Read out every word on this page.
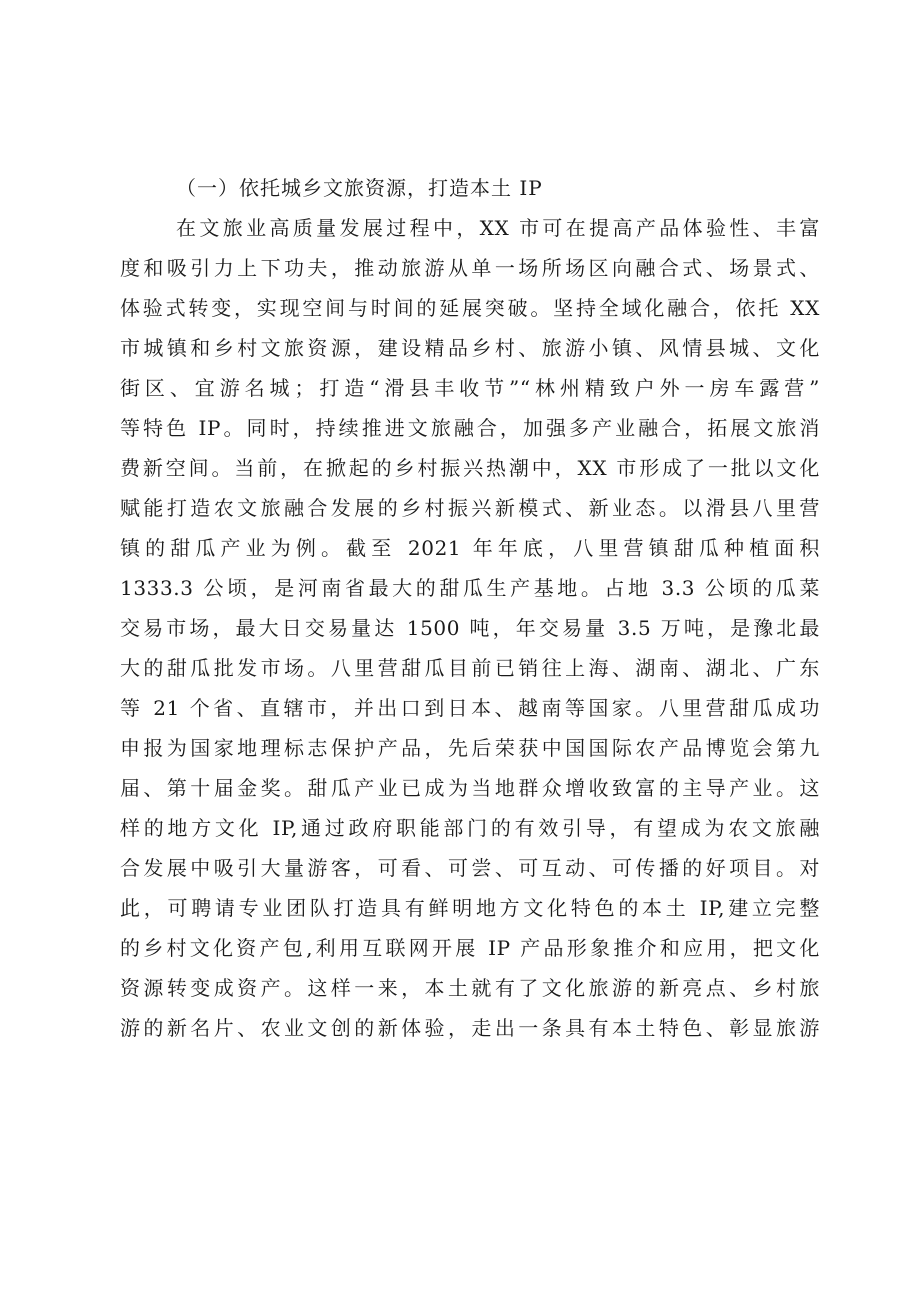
（一）依托城乡文旅资源，打造本土 IP

在文旅业高质量发展过程中，XX 市可在提高产品体验性、丰富

度和吸引力上下功夫，推动旅游从单一场所场区向融合式、场景式、

体验式转变，实现空间与时间的延展突破。坚持全域化融合，依托 XX

市城镇和乡村文旅资源，建设精品乡村、旅游小镇、风情县城、文化

街区、宜游名城；打造“滑县丰收节”“林州精致户外一房车露营”

等特色 IP。同时，持续推进文旅融合，加强多产业融合，拓展文旅消

费新空间。当前，在掀起的乡村振兴热潮中，XX 市形成了一批以文化

赋能打造农文旅融合发展的乡村振兴新模式、新业态。以滑县八里营

镇的甜瓜产业为例。截至 2021 年年底，八里营镇甜瓜种植面积

1333.3 公顷，是河南省最大的甜瓜生产基地。占地 3.3 公顷的瓜菜

交易市场，最大日交易量达 1500 吨，年交易量 3.5 万吨，是豫北最

大的甜瓜批发市场。八里营甜瓜目前已销往上海、湖南、湖北、广东

等 21 个省、直辖市，并出口到日本、越南等国家。八里营甜瓜成功

申报为国家地理标志保护产品，先后荣获中国国际农产品博览会第九

届、第十届金奖。甜瓜产业已成为当地群众增收致富的主导产业。这

样的地方文化 IP,通过政府职能部门的有效引导，有望成为农文旅融

合发展中吸引大量游客，可看、可尝、可互动、可传播的好项目。对

此，可聘请专业团队打造具有鲜明地方文化特色的本土 IP,建立完整

的乡村文化资产包,利用互联网开展 IP 产品形象推介和应用，把文化

资源转变成资产。这样一来，本土就有了文化旅游的新亮点、乡村旅

游的新名片、农业文创的新体验，走出一条具有本土特色、彰显旅游
